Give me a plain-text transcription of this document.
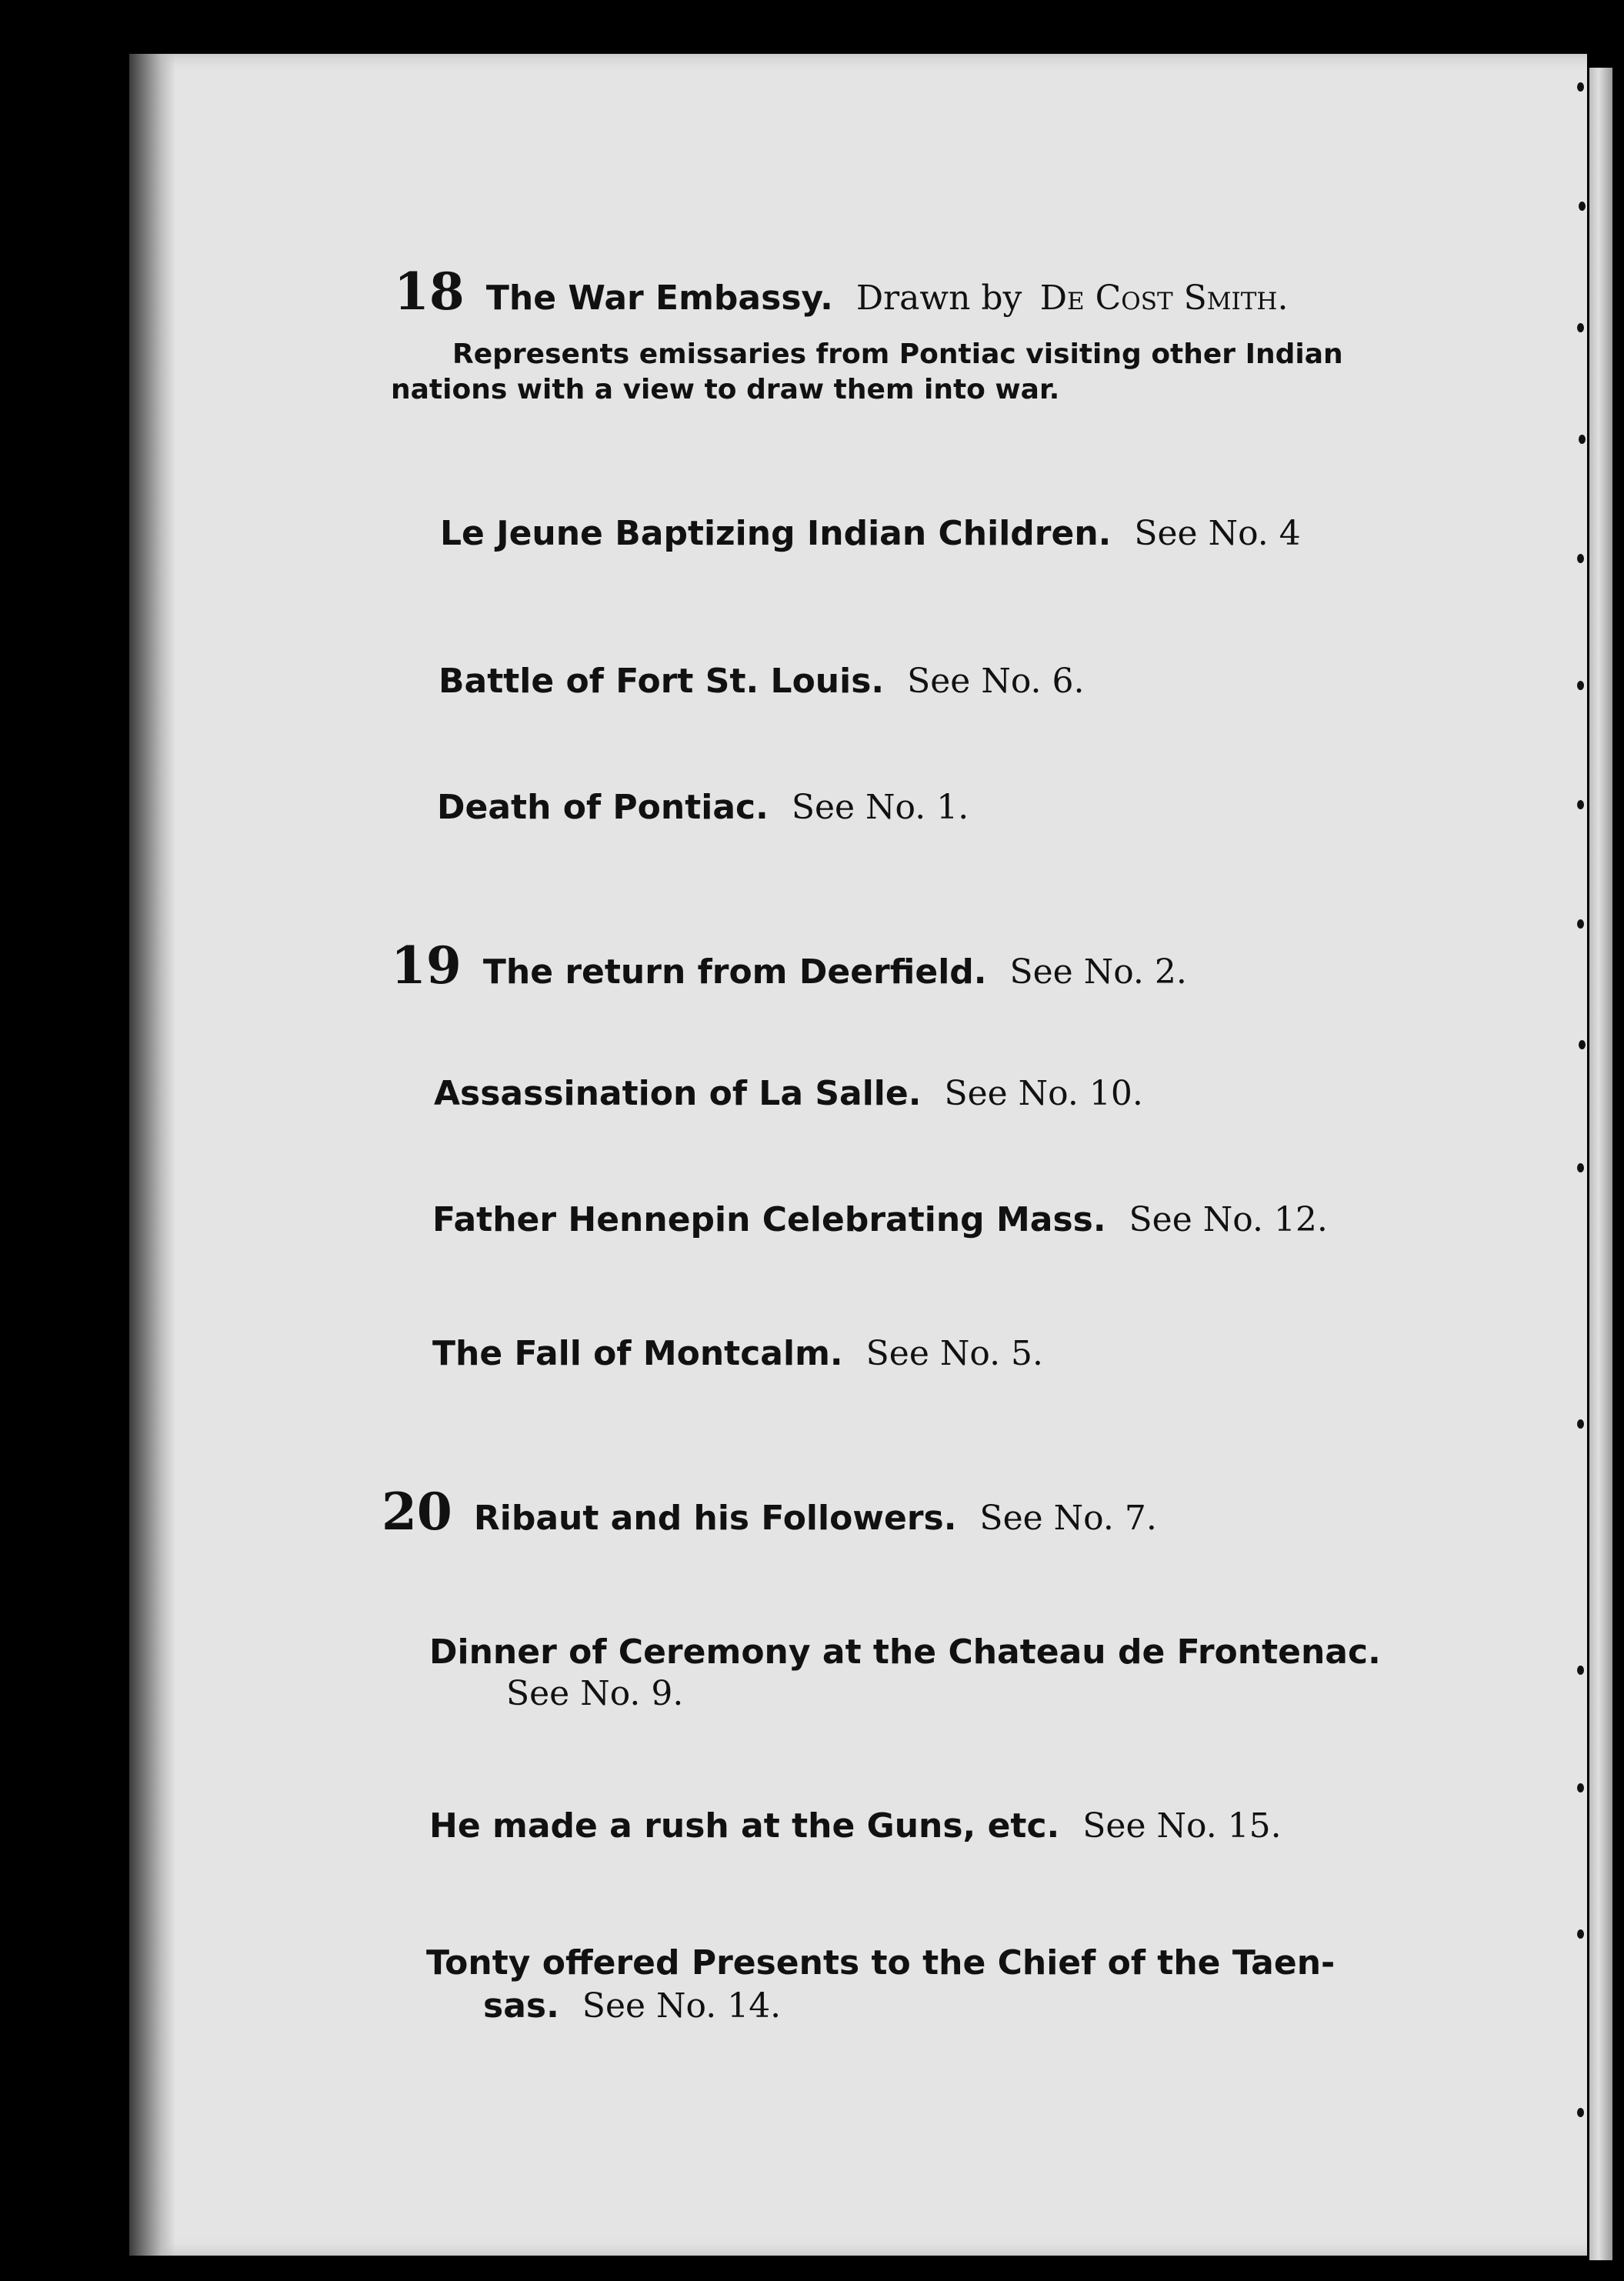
18 The War Embassy. Drawn by De Cost Smith.
Represents emissaries from Pontiac visiting other Indian
nations with a view to draw them into war.
Le Jeune Baptizing Indian Children. See No. 4
Battle of Fort St. Louis. See No. 6.
Death of Pontiac. See No. 1.
19 The return from Deerfield. See No. 2.
Assassination of La Salle. See No. 10.
Father Hennepin Celebrating Mass. See No. 12.
The Fall of Montcalm. See No. 5.
20 Ribaut and his Followers. See No. 7.
Dinner of Ceremony at the Chateau de Frontenac.
See No. 9.
He made a rush at the Guns, etc. See No. 15.
Tonty offered Presents to the Chief of the Taen-
sas. See No. 14.
